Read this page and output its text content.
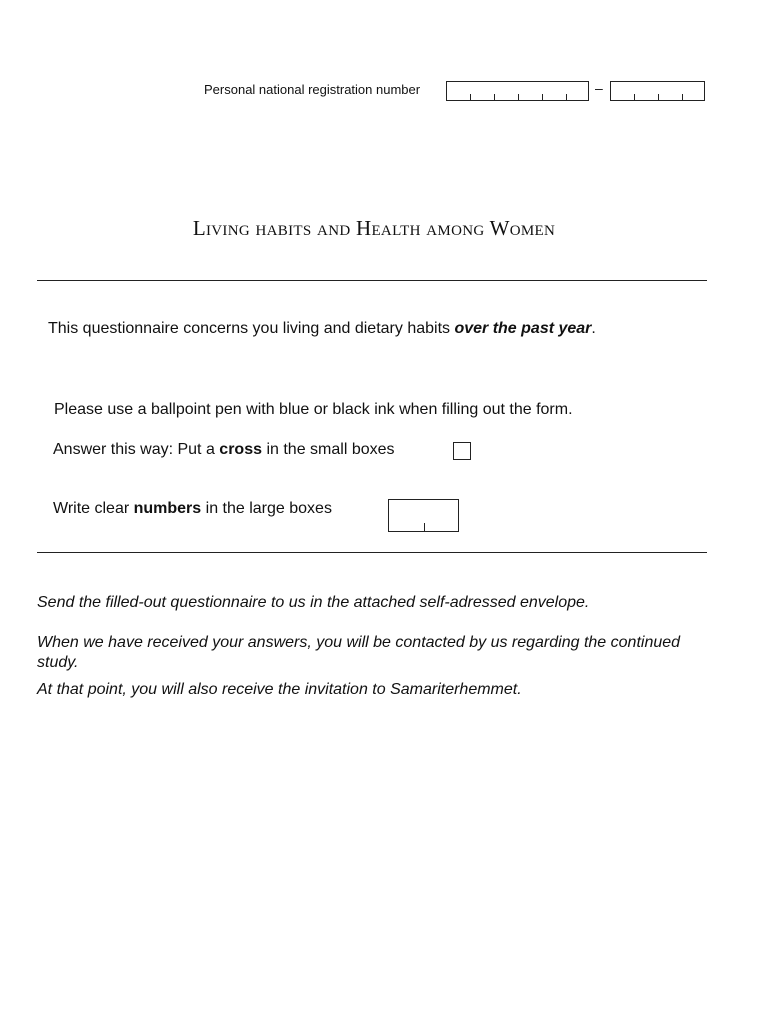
Personal national registration number	–
Living habits and Health among Women
This questionnaire concerns you living and dietary habits over the past year.
Please use a ballpoint pen with blue or black ink when filling out the form.
Answer this way: Put a cross in the small boxes
Write clear numbers in the large boxes
Send the filled-out questionnaire to us in the attached self-adressed envelope.
When we have received your answers, you will be contacted by us regarding the continued study.
At that point, you will also receive the invitation to Samariterhemmet.
